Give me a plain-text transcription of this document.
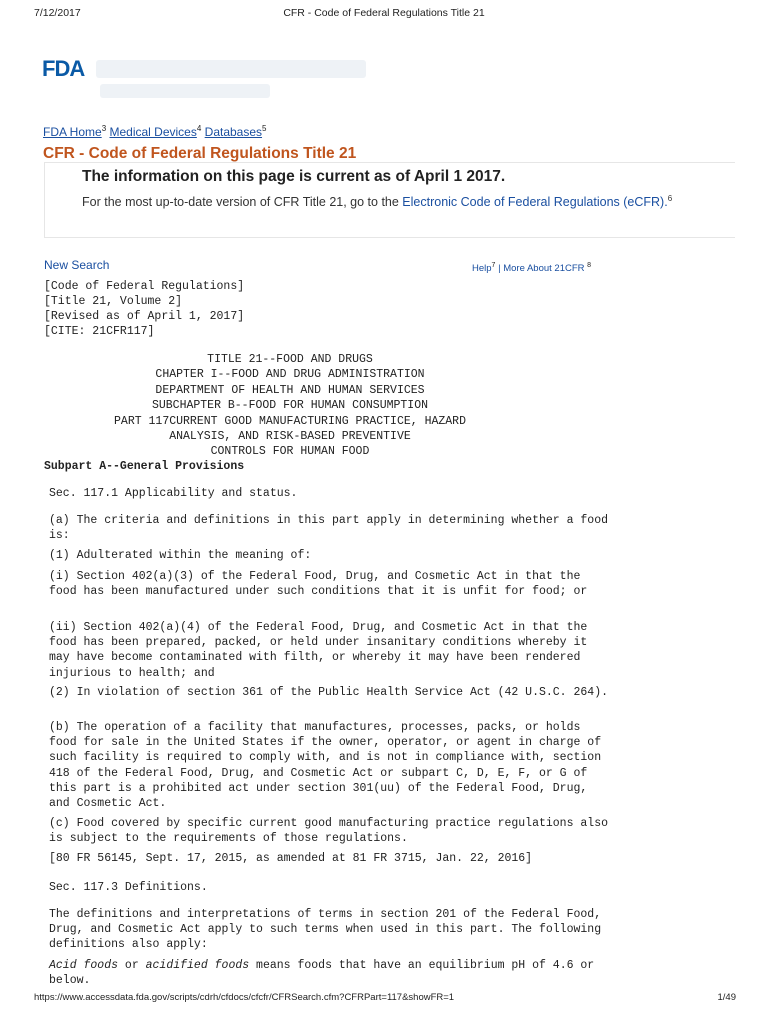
7/12/2017	CFR - Code of Federal Regulations Title 21
FDA
FDA Home$^3$ Medical Devices$^4$ Databases$^5$
CFR - Code of Federal Regulations Title 21
The information on this page is current as of April 1 2017.
For the most up-to-date version of CFR Title 21, go to the Electronic Code of Federal Regulations (eCFR).$^6$
New Search	Help$^7$ | More About 21CFR $^8$
[Code of Federal Regulations]
[Title 21, Volume 2]
[Revised as of April 1, 2017]
[CITE: 21CFR117]
TITLE 21--FOOD AND DRUGS
CHAPTER I--FOOD AND DRUG ADMINISTRATION
DEPARTMENT OF HEALTH AND HUMAN SERVICES
SUBCHAPTER B--FOOD FOR HUMAN CONSUMPTION
PART 117CURRENT GOOD MANUFACTURING PRACTICE, HAZARD
ANALYSIS, AND RISK-BASED PREVENTIVE
CONTROLS FOR HUMAN FOOD
Subpart A--General Provisions
Sec. 117.1 Applicability and status.
(a) The criteria and definitions in this part apply in determining whether a food is:
(1) Adulterated within the meaning of:
(i) Section 402(a)(3) of the Federal Food, Drug, and Cosmetic Act in that the food has been manufactured under such conditions that it is unfit for food; or
(ii) Section 402(a)(4) of the Federal Food, Drug, and Cosmetic Act in that the food has been prepared, packed, or held under insanitary conditions whereby it may have become contaminated with filth, or whereby it may have been rendered injurious to health; and
(2) In violation of section 361 of the Public Health Service Act (42 U.S.C. 264).
(b) The operation of a facility that manufactures, processes, packs, or holds food for sale in the United States if the owner, operator, or agent in charge of such facility is required to comply with, and is not in compliance with, section 418 of the Federal Food, Drug, and Cosmetic Act or subpart C, D, E, F, or G of this part is a prohibited act under section 301(uu) of the Federal Food, Drug, and Cosmetic Act.
(c) Food covered by specific current good manufacturing practice regulations also is subject to the requirements of those regulations.
[80 FR 56145, Sept. 17, 2015, as amended at 81 FR 3715, Jan. 22, 2016]
Sec. 117.3 Definitions.
The definitions and interpretations of terms in section 201 of the Federal Food, Drug, and Cosmetic Act apply to such terms when used in this part. The following definitions also apply:
Acid foods or acidified foods means foods that have an equilibrium pH of 4.6 or below.
https://www.accessdata.fda.gov/scripts/cdrh/cfdocs/cfcfr/CFRSearch.cfm?CFRPart=117&showFR=1	1/49
